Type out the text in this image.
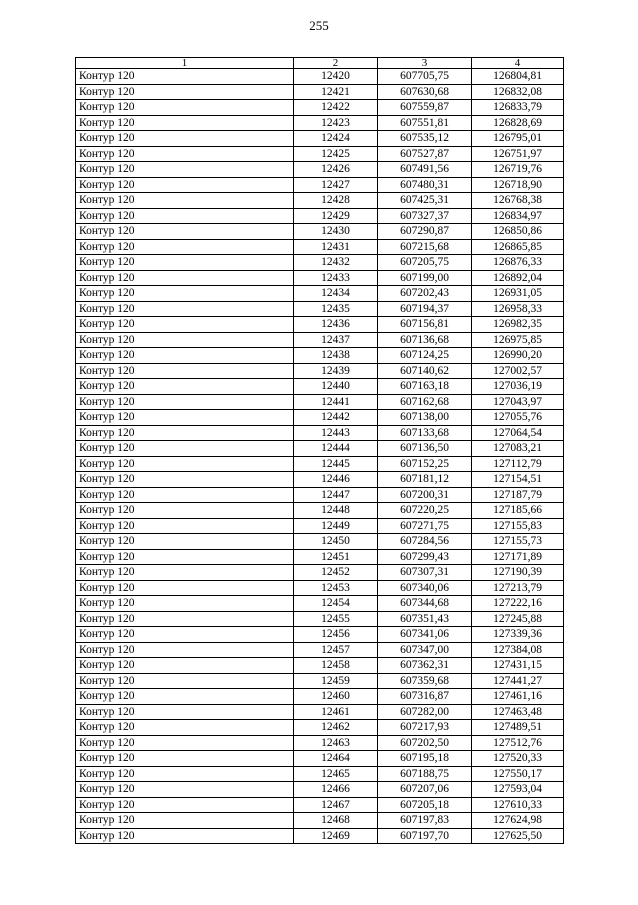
255
1	2	3	4
Контур 120	12420	607705,75	126804,81
Контур 120	12421	607630,68	126832,08
Контур 120	12422	607559,87	126833,79
Контур 120	12423	607551,81	126828,69
Контур 120	12424	607535,12	126795,01
Контур 120	12425	607527,87	126751,97
Контур 120	12426	607491,56	126719,76
Контур 120	12427	607480,31	126718,90
Контур 120	12428	607425,31	126768,38
Контур 120	12429	607327,37	126834,97
Контур 120	12430	607290,87	126850,86
Контур 120	12431	607215,68	126865,85
Контур 120	12432	607205,75	126876,33
Контур 120	12433	607199,00	126892,04
Контур 120	12434	607202,43	126931,05
Контур 120	12435	607194,37	126958,33
Контур 120	12436	607156,81	126982,35
Контур 120	12437	607136,68	126975,85
Контур 120	12438	607124,25	126990,20
Контур 120	12439	607140,62	127002,57
Контур 120	12440	607163,18	127036,19
Контур 120	12441	607162,68	127043,97
Контур 120	12442	607138,00	127055,76
Контур 120	12443	607133,68	127064,54
Контур 120	12444	607136,50	127083,21
Контур 120	12445	607152,25	127112,79
Контур 120	12446	607181,12	127154,51
Контур 120	12447	607200,31	127187,79
Контур 120	12448	607220,25	127185,66
Контур 120	12449	607271,75	127155,83
Контур 120	12450	607284,56	127155,73
Контур 120	12451	607299,43	127171,89
Контур 120	12452	607307,31	127190,39
Контур 120	12453	607340,06	127213,79
Контур 120	12454	607344,68	127222,16
Контур 120	12455	607351,43	127245,88
Контур 120	12456	607341,06	127339,36
Контур 120	12457	607347,00	127384,08
Контур 120	12458	607362,31	127431,15
Контур 120	12459	607359,68	127441,27
Контур 120	12460	607316,87	127461,16
Контур 120	12461	607282,00	127463,48
Контур 120	12462	607217,93	127489,51
Контур 120	12463	607202,50	127512,76
Контур 120	12464	607195,18	127520,33
Контур 120	12465	607188,75	127550,17
Контур 120	12466	607207,06	127593,04
Контур 120	12467	607205,18	127610,33
Контур 120	12468	607197,83	127624,98
Контур 120	12469	607197,70	127625,50
